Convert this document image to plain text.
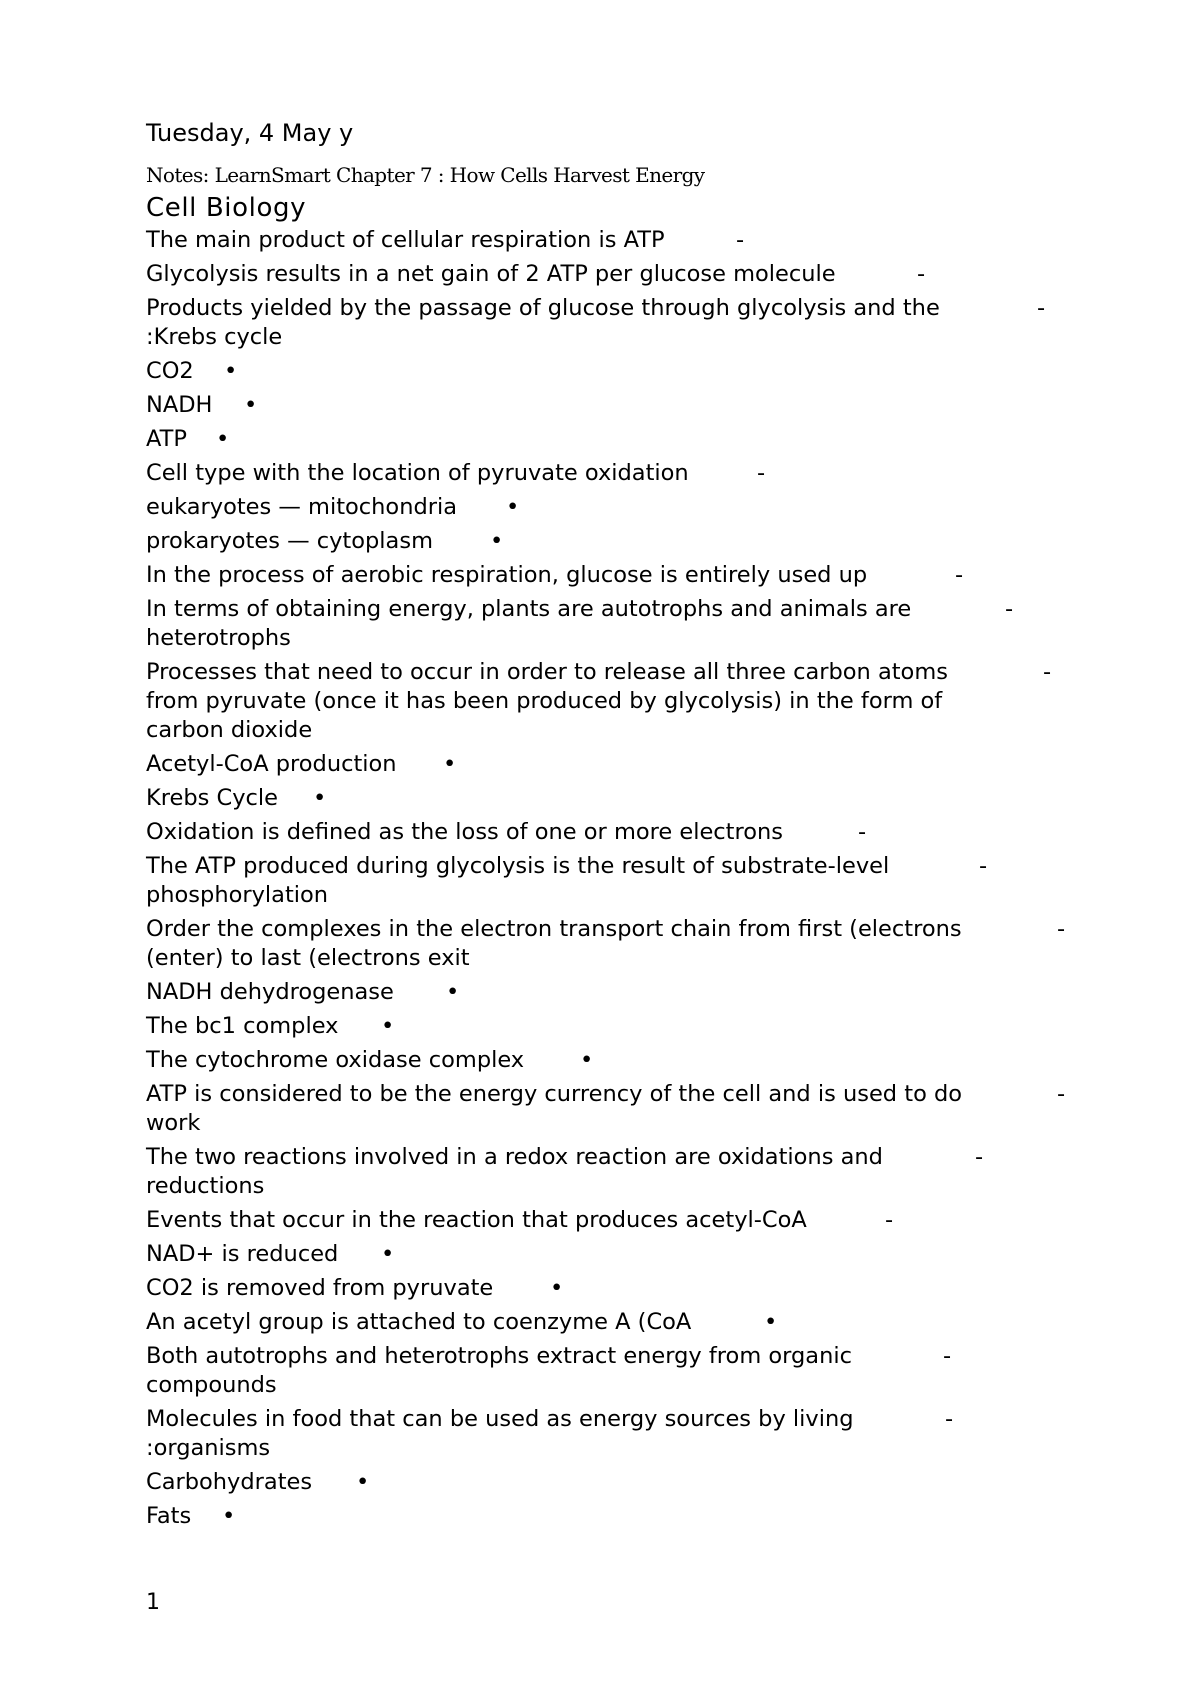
Tuesday, 4 May y
Notes: LearnSmart Chapter 7 : How Cells Harvest Energy
Cell Biology
The main product of cellular respiration is ATP	-
Glycolysis results in a net gain of 2 ATP per glucose molecule	-
Products yielded by the passage of glucose through glycolysis and the
:Krebs cycle
-
CO2 •
NADH •
ATP •
Cell type with the location of pyruvate oxidation	-
eukaryotes — mitochondria •
prokaryotes — cytoplasm	•
In the process of aerobic respiration, glucose is entirely used up	-
In terms of obtaining energy, plants are autotrophs and animals are
heterotrophs
-
Processes that need to occur in order to release all three carbon atoms
from pyruvate (once it has been produced by glycolysis) in the form of
carbon dioxide
-
Acetyl-CoA production •
Krebs Cycle •
Oxidation is defined as the loss of one or more electrons	-
The ATP produced during glycolysis is the result of substrate-level
phosphorylation
-
Order the complexes in the electron transport chain from first (electrons
(enter) to last (electrons exit
-
NADH dehydrogenase •
The bc1 complex •
The cytochrome oxidase complex •
ATP is considered to be the energy currency of the cell and is used to do
work
-
The two reactions involved in a redox reaction are oxidations and
reductions
-
Events that occur in the reaction that produces acetyl-CoA	-
NAD+ is reduced •
CO2 is removed from pyruvate	•
An acetyl group is attached to coenzyme A (CoA	•
Both autotrophs and heterotrophs extract energy from organic
compounds
-
Molecules in food that can be used as energy sources by living
:organisms
-
Carbohydrates •
Fats •
1
